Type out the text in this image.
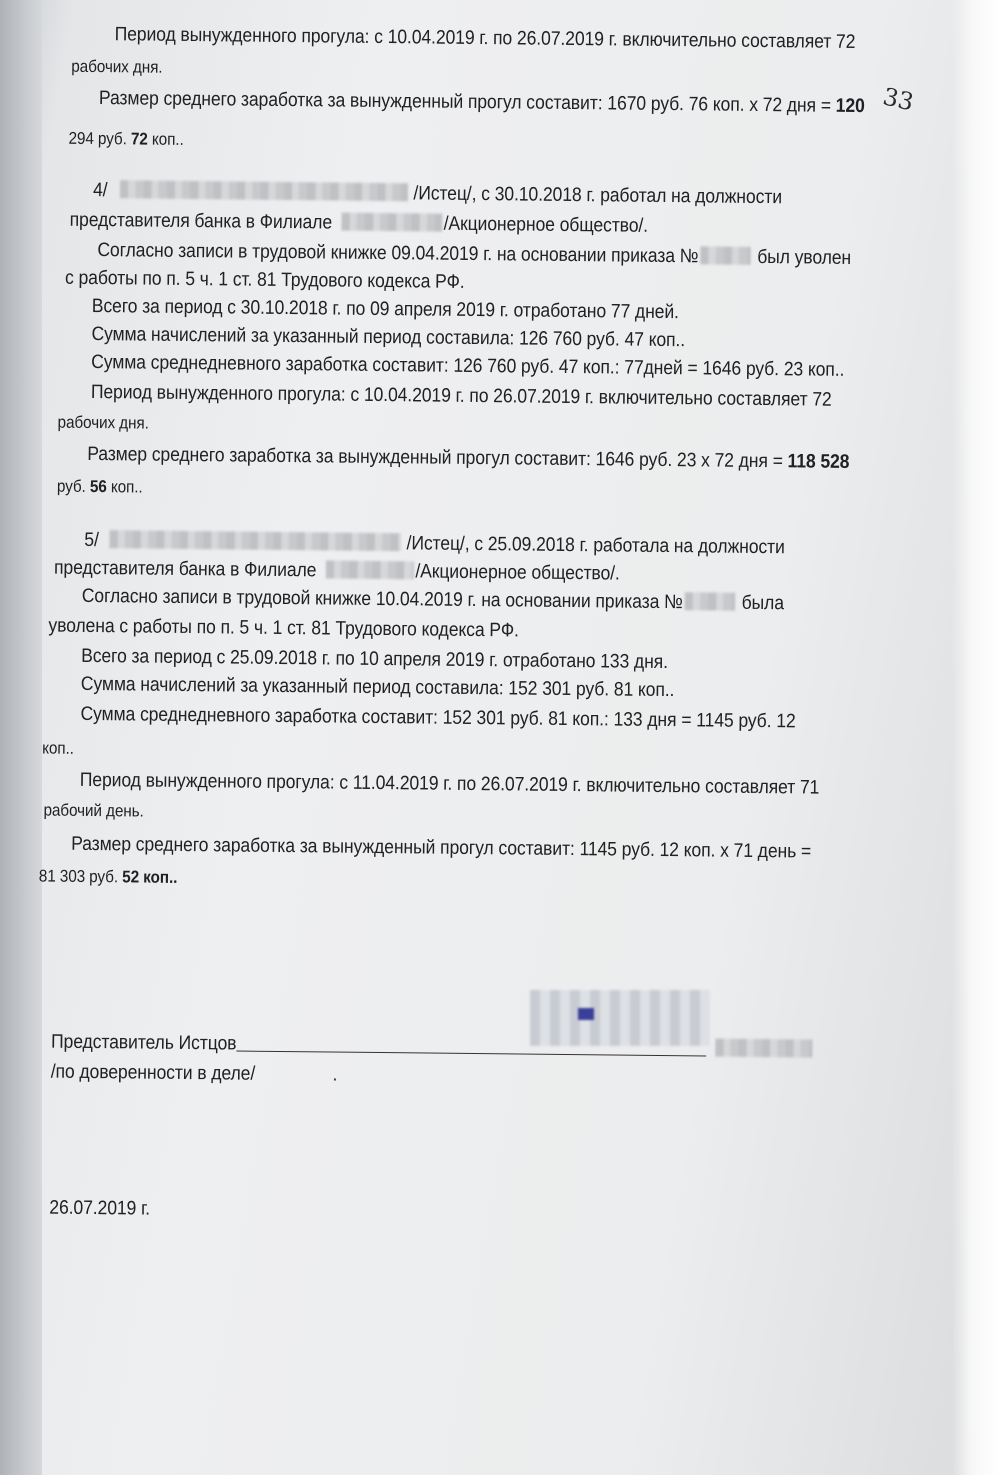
Период вынужденного прогула: с 10.04.2019 г. по 26.07.2019 г. включительно составляет 72
рабочих дня.
Размер среднего заработка за вынужденный прогул составит: 1670 руб. 76 коп. х 72 дня = 120
294 руб. 72 коп..
33
4/	/Истец/, с 30.10.2018 г. работал на должности
представителя банка в Филиале	/Акционерное общество/.
Согласно записи в трудовой книжке 09.04.2019 г. на основании приказа №	был уволен
с работы по п. 5 ч. 1 ст. 81 Трудового кодекса РФ.
Всего за период с 30.10.2018 г. по 09 апреля 2019 г. отработано 77 дней.
Сумма начислений за указанный период составила: 126 760 руб. 47 коп..
Сумма среднедневного заработка составит: 126 760 руб. 47 коп.: 77дней = 1646 руб. 23 коп..
Период вынужденного прогула: с 10.04.2019 г. по 26.07.2019 г. включительно составляет 72
рабочих дня.
Размер среднего заработка за вынужденный прогул составит: 1646 руб. 23 х 72 дня = 118 528
руб. 56 коп..
5/	/Истец/, с 25.09.2018 г. работала на должности
представителя банка в Филиале	/Акционерное общество/.
Согласно записи в трудовой книжке 10.04.2019 г. на основании приказа №	была
уволена с работы по п. 5 ч. 1 ст. 81 Трудового кодекса РФ.
Всего за период с 25.09.2018 г. по 10 апреля 2019 г. отработано 133 дня.
Сумма начислений за указанный период составила: 152 301 руб. 81 коп..
Сумма среднедневного заработка составит: 152 301 руб. 81 коп.: 133 дня = 1145 руб. 12
коп..
Период вынужденного прогула: с 11.04.2019 г. по 26.07.2019 г. включительно составляет 71
рабочий день.
Размер среднего заработка за вынужденный прогул составит: 1145 руб. 12 коп. х 71 день =
81 303 руб. 52 коп..
Представитель Истцов
/по доверенности в деле/	.
26.07.2019 г.
